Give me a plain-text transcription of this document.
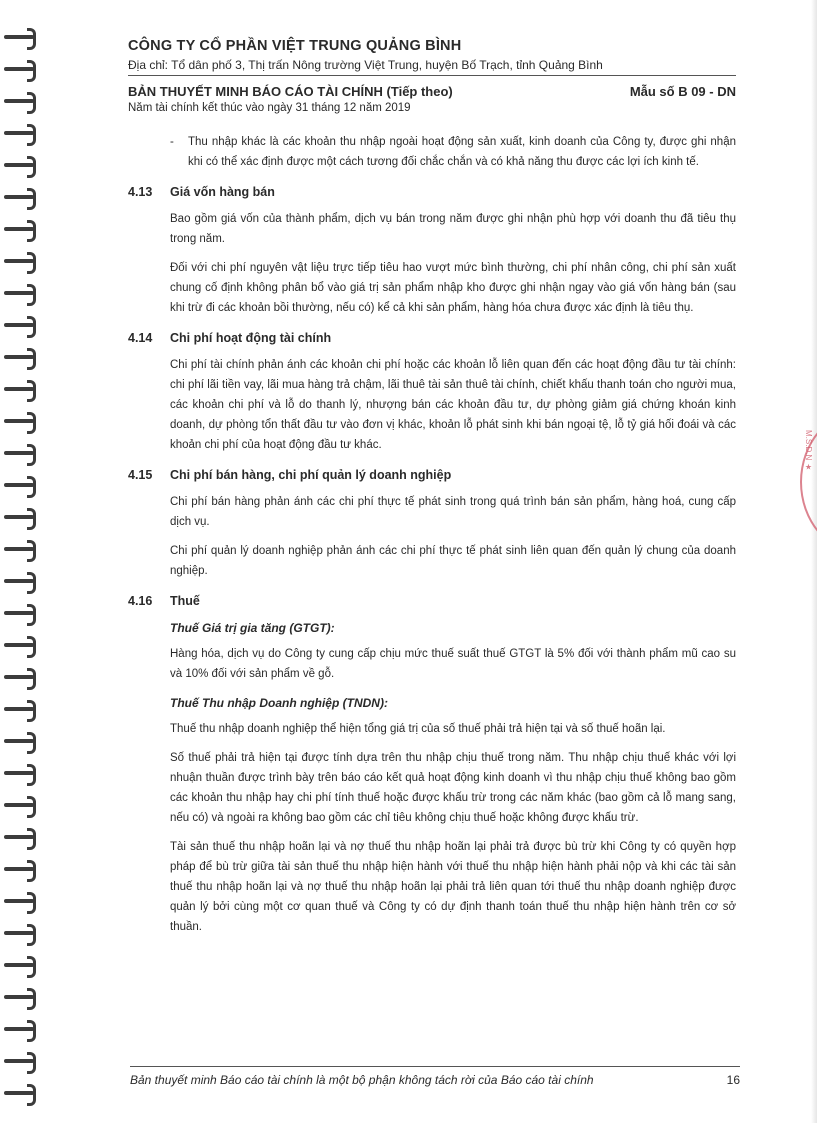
M.S.D.N ★

CÔNG TY CỔ PHẦN VIỆT TRUNG QUẢNG BÌNH

Địa chỉ: Tổ dân phố 3, Thị trấn Nông trường Việt Trung, huyện Bố Trạch, tỉnh Quảng Bình
BẢN THUYẾT MINH BÁO CÁO TÀI CHÍNH (Tiếp theo)	Mẫu số B 09 - DN
Năm tài chính kết thúc vào ngày 31 tháng 12 năm 2019
-	Thu nhập khác là các khoản thu nhập ngoài hoạt động sản xuất, kinh doanh của Công ty, được ghi nhận khi có thể xác định được một cách tương đối chắc chắn và có khả năng thu được các lợi ích kinh tế.

4.13	Giá vốn hàng bán

Bao gồm giá vốn của thành phẩm, dịch vụ bán trong năm được ghi nhận phù hợp với doanh thu đã tiêu thụ trong năm.

Đối với chi phí nguyên vật liệu trực tiếp tiêu hao vượt mức bình thường, chi phí nhân công, chi phí sản xuất chung cố định không phân bổ vào giá trị sản phẩm nhập kho được ghi nhận ngay vào giá vốn hàng bán (sau khi trừ đi các khoản bồi thường, nếu có) kể cả khi sản phẩm, hàng hóa chưa được xác định là tiêu thụ.

4.14	Chi phí hoạt động tài chính

Chi phí tài chính phản ánh các khoản chi phí hoặc các khoản lỗ liên quan đến các hoạt động đầu tư tài chính: chi phí lãi tiền vay, lãi mua hàng trả chậm, lãi thuê tài sản thuê tài chính, chiết khấu thanh toán cho người mua, các khoản chi phí và lỗ do thanh lý, nhượng bán các khoản đầu tư, dự phòng giảm giá chứng khoán kinh doanh, dự phòng tổn thất đầu tư vào đơn vị khác, khoản lỗ phát sinh khi bán ngoại tệ, lỗ tỷ giá hối đoái và các khoản chi phí của hoạt động đầu tư khác.

4.15	Chi phí bán hàng, chi phí quản lý doanh nghiệp

Chi phí bán hàng phản ánh các chi phí thực tế phát sinh trong quá trình bán sản phẩm, hàng hoá, cung cấp dịch vụ.

Chi phí quản lý doanh nghiệp phản ánh các chi phí thực tế phát sinh liên quan đến quản lý chung của doanh nghiệp.

4.16	Thuế

Thuế Giá trị gia tăng (GTGT):

Hàng hóa, dịch vụ do Công ty cung cấp chịu mức thuế suất thuế GTGT là 5% đối với thành phẩm mũ cao su và 10% đối với sản phẩm về gỗ.

Thuế Thu nhập Doanh nghiệp (TNDN):

Thuế thu nhập doanh nghiệp thể hiện tổng giá trị của số thuế phải trả hiện tại và số thuế hoãn lại.

Số thuế phải trả hiện tại được tính dựa trên thu nhập chịu thuế trong năm. Thu nhập chịu thuế khác với lợi nhuận thuần được trình bày trên báo cáo kết quả hoạt động kinh doanh vì thu nhập chịu thuế không bao gồm các khoản thu nhập hay chi phí tính thuế hoặc được khấu trừ trong các năm khác (bao gồm cả lỗ mang sang, nếu có) và ngoài ra không bao gồm các chỉ tiêu không chịu thuế hoặc không được khấu trừ.

Tài sản thuế thu nhập hoãn lại và nợ thuế thu nhập hoãn lại phải trả được bù trừ khi Công ty có quyền hợp pháp để bù trừ giữa tài sản thuế thu nhập hiện hành với thuế thu nhập hiện hành phải nộp và khi các tài sản thuế thu nhập hoãn lại và nợ thuế thu nhập hoãn lại phải trả liên quan tới thuế thu nhập doanh nghiệp được quản lý bởi cùng một cơ quan thuế và Công ty có dự định thanh toán thuế thu nhập hiện hành trên cơ sở thuần.

Bản thuyết minh Báo cáo tài chính là một bộ phận không tách rời của Báo cáo tài chính	16
